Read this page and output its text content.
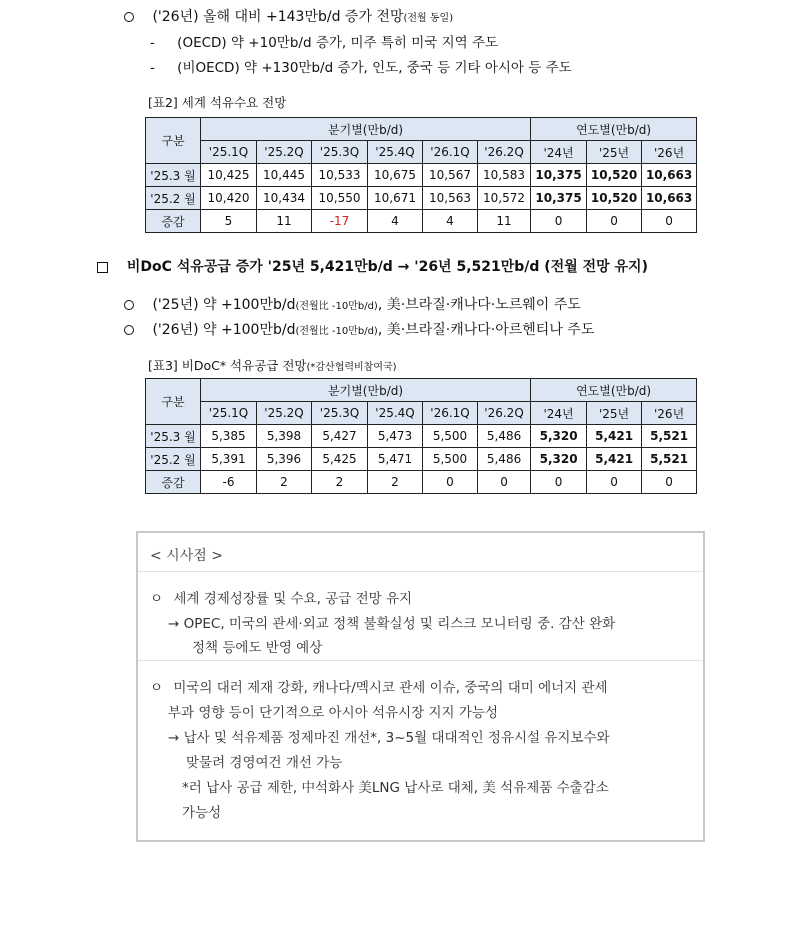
('26년) 올해 대비 +143만b/d 증가 전망(전월 동일)
- (OECD) 약 +10만b/d 증가, 미주 특히 미국 지역 주도
- (비OECD) 약 +130만b/d 증가, 인도, 중국 등 기타 아시아 등 주도
[표2] 세계 석유수요 전망
구분	분기별(만b/d)						연도별(만b/d)		
	'25.1Q	'25.2Q	'25.3Q	'25.4Q	'26.1Q	'26.2Q	'24년	'25년	'26년
'25.3 월	10,425	10,445	10,533	10,675	10,567	10,583	10,375	10,520	10,663
'25.2 월	10,420	10,434	10,550	10,671	10,563	10,572	10,375	10,520	10,663
증감	5	11	-17	4	4	11	0	0	0
비DoC 석유공급 증가 '25년 5,421만b/d → '26년 5,521만b/d (전월 전망 유지)
('25년) 약 +100만b/d(전월比 -10만b/d), 美·브라질·캐나다·노르웨이 주도
('26년) 약 +100만b/d(전월比 -10만b/d), 美·브라질·캐나다·아르헨티나 주도
[표3] 비DoC* 석유공급 전망(*감산협력비참여국)
구분	분기별(만b/d)						연도별(만b/d)		
	'25.1Q	'25.2Q	'25.3Q	'25.4Q	'26.1Q	'26.2Q	'24년	'25년	'26년
'25.3 월	5,385	5,398	5,427	5,473	5,500	5,486	5,320	5,421	5,521
'25.2 월	5,391	5,396	5,425	5,471	5,500	5,486	5,320	5,421	5,521
증감	-6	2	2	2	0	0	0	0	0
< 시사점 >
ㅇ 세계 경제성장률 및 수요, 공급 전망 유지
→ OPEC, 미국의 관세·외교 정책 불확실성 및 리스크 모니터링 중. 감산 완화
정책 등에도 반영 예상
ㅇ 미국의 대러 제재 강화, 캐나다/멕시코 관세 이슈, 중국의 대미 에너지 관세
부과 영향 등이 단기적으로 아시아 석유시장 지지 가능성
→ 납사 및 석유제품 정제마진 개선*, 3~5월 대대적인 정유시설 유지보수와
맞물려 경영여건 개선 가능
*러 납사 공급 제한, 中석화사 美LNG 납사로 대체, 美 석유제품 수출감소
가능성
